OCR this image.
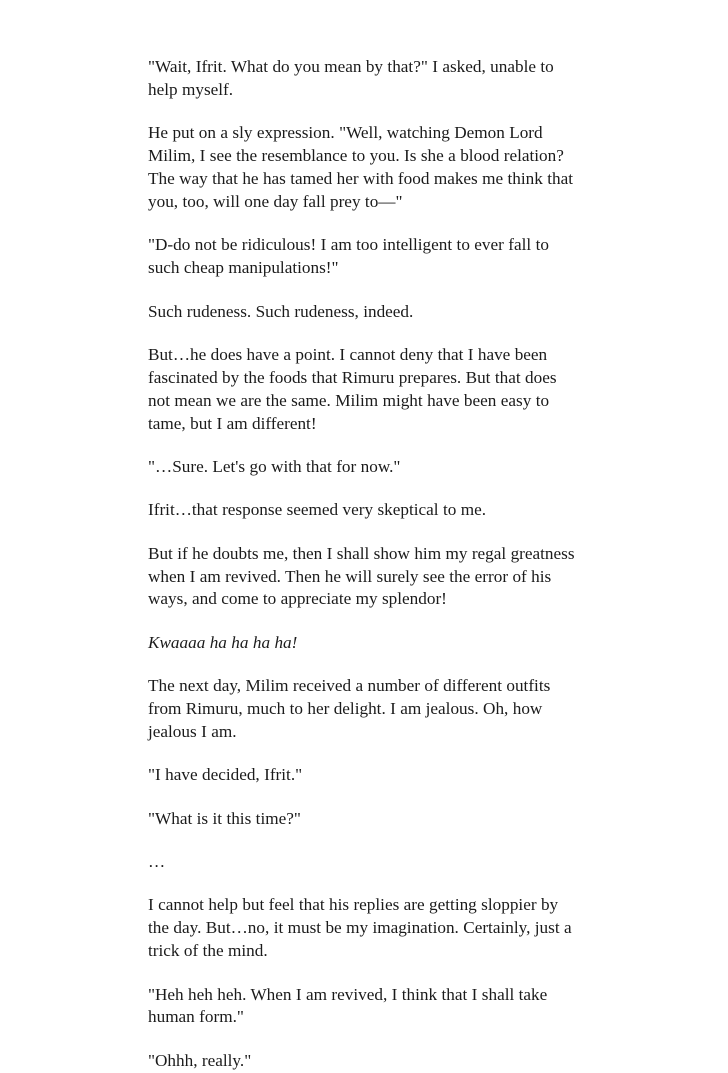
"Wait, Ifrit. What do you mean by that?" I asked, unable to help myself.

He put on a sly expression. "Well, watching Demon Lord Milim, I see the resemblance to you. Is she a blood relation? The way that he has tamed her with food makes me think that you, too, will one day fall prey to—"

"D-do not be ridiculous! I am too intelligent to ever fall to such cheap manipulations!"

Such rudeness. Such rudeness, indeed.

But…he does have a point. I cannot deny that I have been fascinated by the foods that Rimuru prepares. But that does not mean we are the same. Milim might have been easy to tame, but I am different!

"…Sure. Let's go with that for now."

Ifrit…that response seemed very skeptical to me.

But if he doubts me, then I shall show him my regal greatness when I am revived. Then he will surely see the error of his ways, and come to appreciate my splendor!

Kwaaaa ha ha ha ha!

The next day, Milim received a number of different outfits from Rimuru, much to her delight. I am jealous. Oh, how jealous I am.

"I have decided, Ifrit."

"What is it this time?"

…

I cannot help but feel that his replies are getting sloppier by the day. But…no, it must be my imagination. Certainly, just a trick of the mind.

"Heh heh heh. When I am revived, I think that I shall take human form."

"Ohhh, really."
